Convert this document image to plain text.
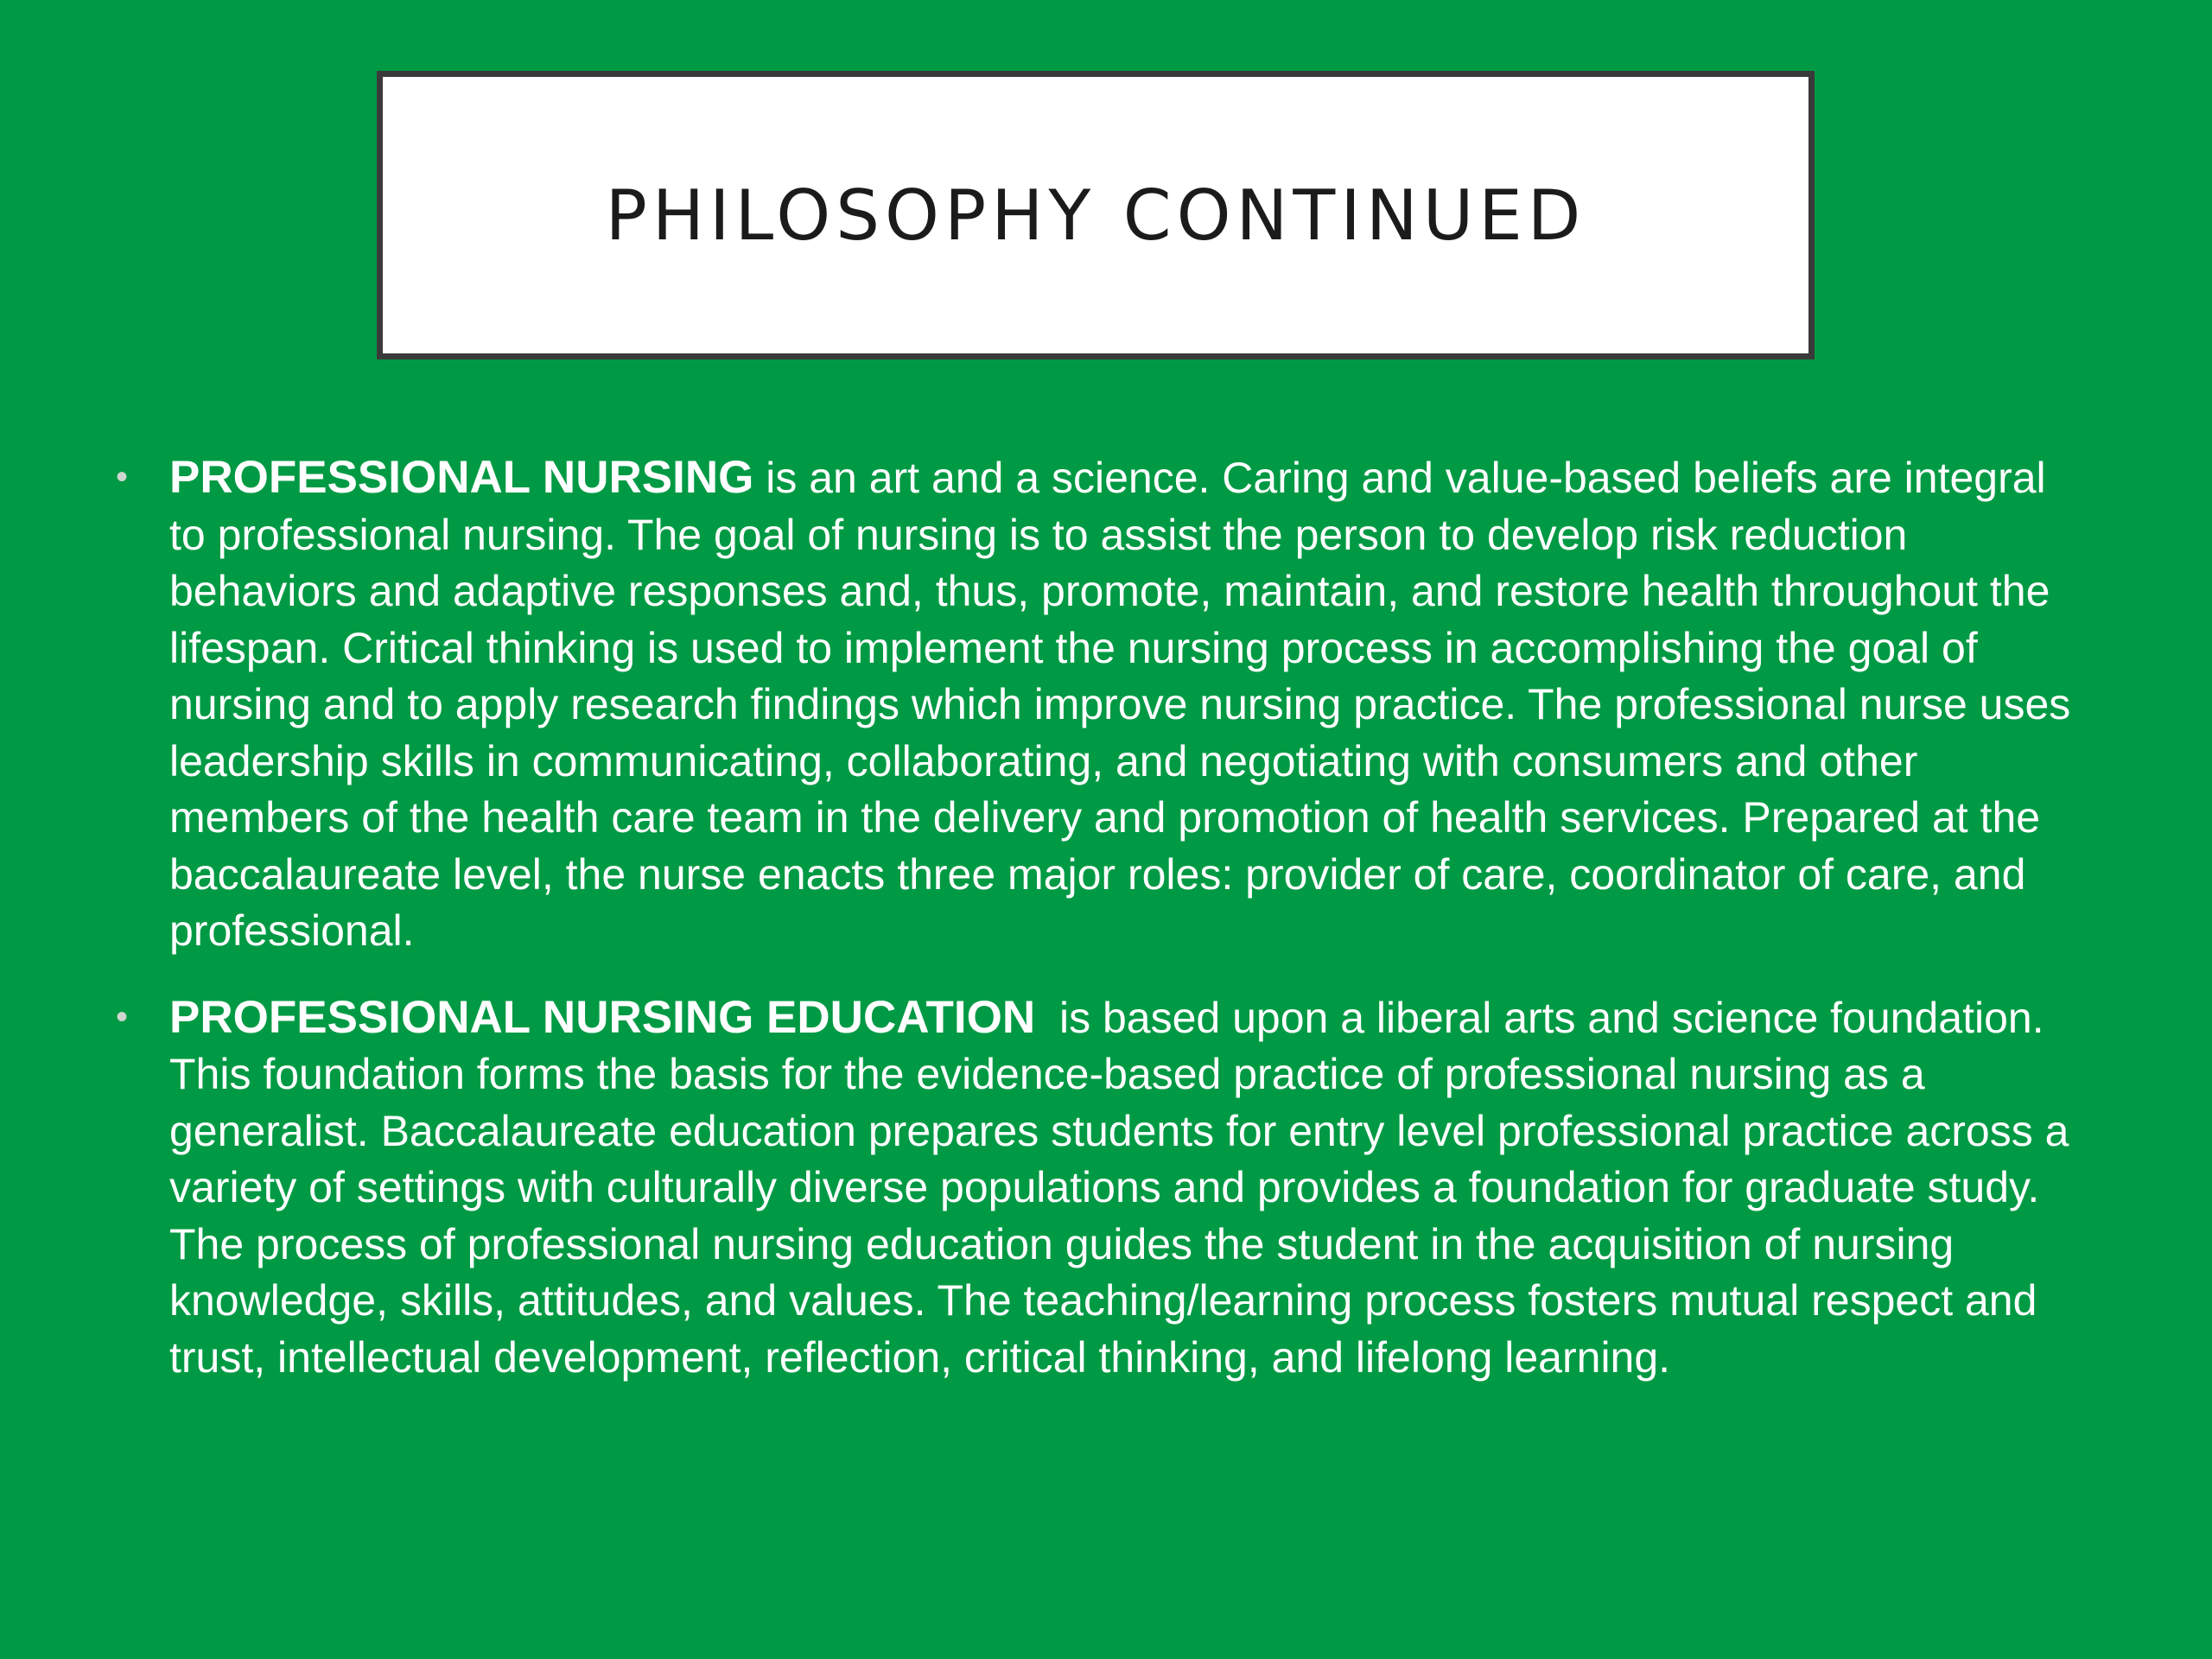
PHILOSOPHY CONTINUED
• PROFESSIONAL NURSING is an art and a science. Caring and value-based beliefs are integral to professional nursing. The goal of nursing is to assist the person to develop risk reduction behaviors and adaptive responses and, thus, promote, maintain, and restore health throughout the lifespan. Critical thinking is used to implement the nursing process in accomplishing the goal of nursing and to apply research findings which improve nursing practice. The professional nurse uses leadership skills in communicating, collaborating, and negotiating with consumers and other members of the health care team in the delivery and promotion of health services. Prepared at the baccalaureate level, the nurse enacts three major roles: provider of care, coordinator of care, and professional.
• PROFESSIONAL NURSING EDUCATION  is based upon a liberal arts and science foundation. This foundation forms the basis for the evidence-based practice of professional nursing as a generalist. Baccalaureate education prepares students for entry level professional practice across a variety of settings with culturally diverse populations and provides a foundation for graduate study. The process of professional nursing education guides the student in the acquisition of nursing knowledge, skills, attitudes, and values. The teaching/learning process fosters mutual respect and trust, intellectual development, reflection, critical thinking, and lifelong learning.
